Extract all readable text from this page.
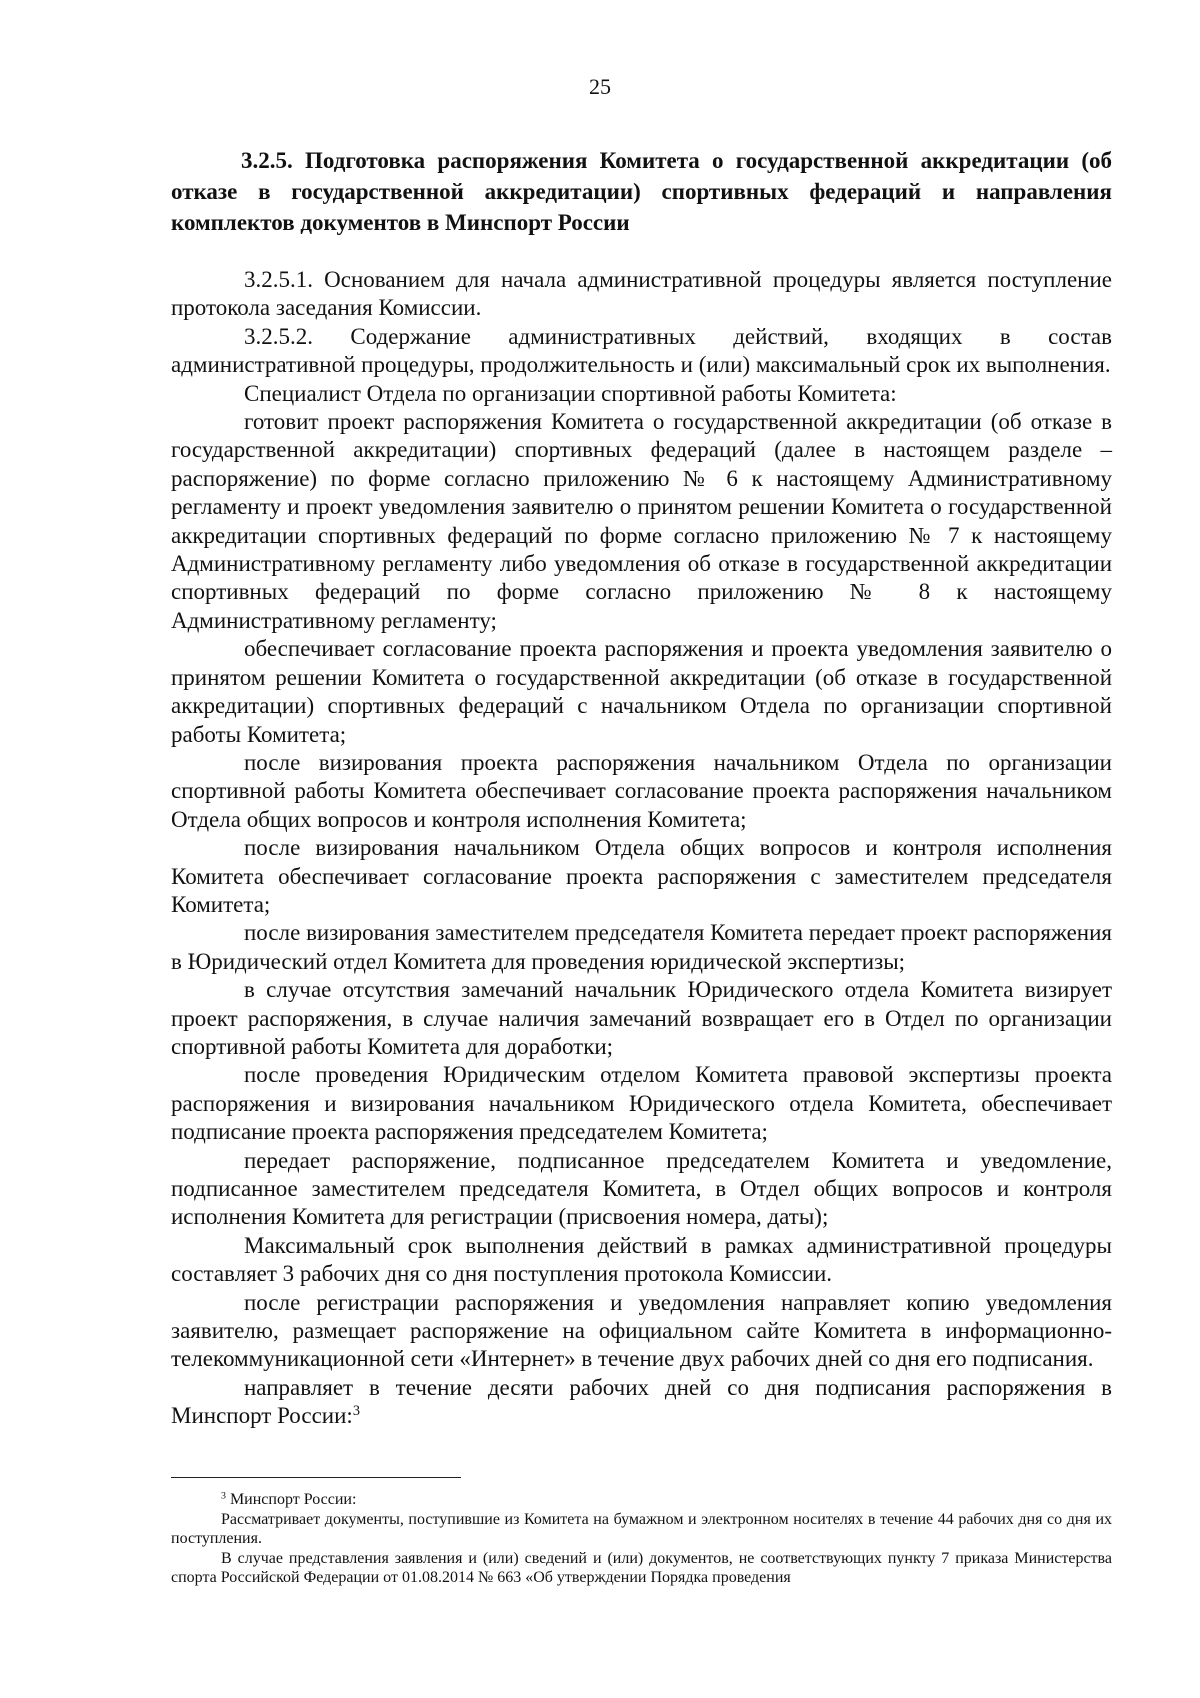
25

3.2.5. Подготовка распоряжения Комитета о государственной аккредитации (об отказе в государственной аккредитации) спортивных федераций и направления комплектов документов в Минспорт России

3.2.5.1. Основанием для начала административной процедуры является поступление протокола заседания Комиссии.

3.2.5.2. Содержание административных действий, входящих в состав административной процедуры, продолжительность и (или) максимальный срок их выполнения.

Специалист Отдела по организации спортивной работы Комитета:

готовит проект распоряжения Комитета о государственной аккредитации (об отказе в государственной аккредитации) спортивных федераций (далее в настоящем разделе – распоряжение) по форме согласно приложению № 6 к настоящему Административному регламенту и проект уведомления заявителю о принятом решении Комитета о государственной аккредитации спортивных федераций по форме согласно приложению № 7 к настоящему Административному регламенту либо уведомления об отказе в государственной аккредитации спортивных федераций по форме согласно приложению № 8 к настоящему Административному регламенту;

обеспечивает согласование проекта распоряжения и проекта уведомления заявителю о принятом решении Комитета о государственной аккредитации (об отказе в государственной аккредитации) спортивных федераций с начальником Отдела по организации спортивной работы Комитета;

после визирования проекта распоряжения начальником Отдела по организации спортивной работы Комитета обеспечивает согласование проекта распоряжения начальником Отдела общих вопросов и контроля исполнения Комитета;

после визирования начальником Отдела общих вопросов и контроля исполнения Комитета обеспечивает согласование проекта распоряжения с заместителем председателя Комитета;

после визирования заместителем председателя Комитета передает проект распоряжения в Юридический отдел Комитета для проведения юридической экспертизы;

в случае отсутствия замечаний начальник Юридического отдела Комитета визирует проект распоряжения, в случае наличия замечаний возвращает его в Отдел по организации спортивной работы Комитета для доработки;

после проведения Юридическим отделом Комитета правовой экспертизы проекта распоряжения и визирования начальником Юридического отдела Комитета, обеспечивает подписание проекта распоряжения председателем Комитета;

передает распоряжение, подписанное председателем Комитета и уведомление, подписанное заместителем председателя Комитета, в Отдел общих вопросов и контроля исполнения Комитета для регистрации (присвоения номера, даты);

Максимальный срок выполнения действий в рамках административной процедуры составляет 3 рабочих дня со дня поступления протокола Комиссии.

после регистрации распоряжения и уведомления направляет копию уведомления заявителю, размещает распоряжение на официальном сайте Комитета в информационно-телекоммуникационной сети «Интернет» в течение двух рабочих дней со дня его подписания.

направляет в течение десяти рабочих дней со дня подписания распоряжения в Минспорт России:$^3$

$^3$ Минспорт России:

Рассматривает документы, поступившие из Комитета на бумажном и электронном носителях в течение 44 рабочих дня со дня их поступления.

В случае представления заявления и (или) сведений и (или) документов, не соответствующих пункту 7 приказа Министерства спорта Российской Федерации от 01.08.2014 № 663 «Об утверждении Порядка проведения
